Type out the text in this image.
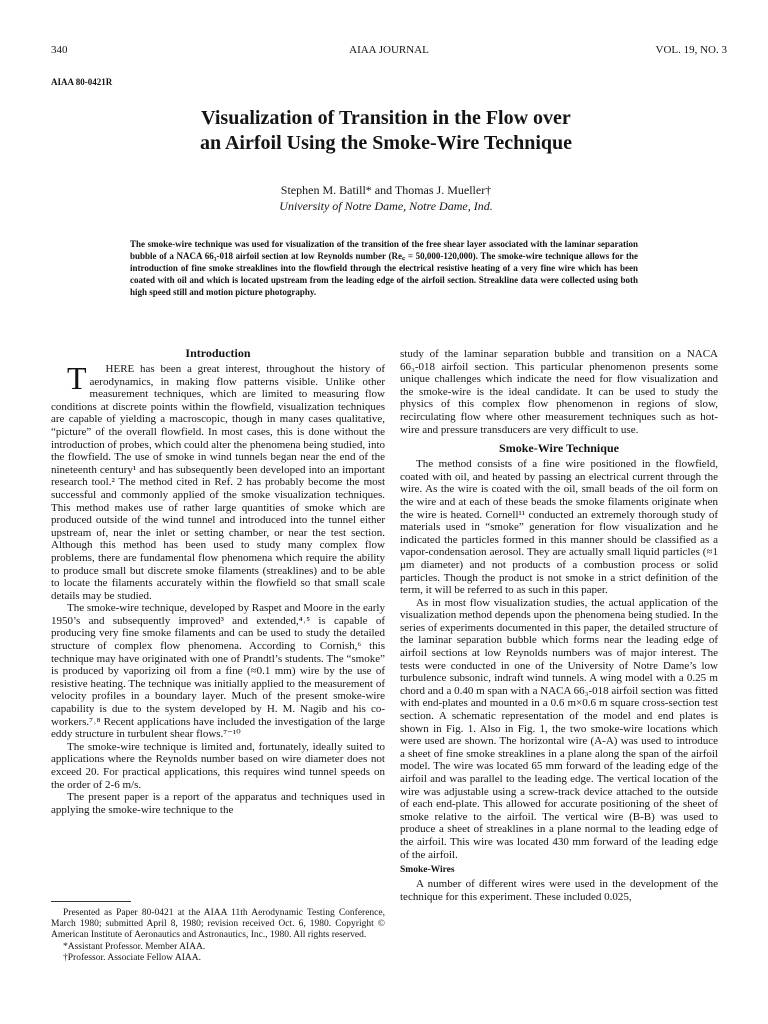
340	AIAA JOURNAL	VOL. 19, NO. 3
AIAA 80-0421R
Visualization of Transition in the Flow over
an Airfoil Using the Smoke-Wire Technique
Stephen M. Batill* and Thomas J. Mueller†
University of Notre Dame, Notre Dame, Ind.
The smoke-wire technique was used for visualization of the transition of the free shear layer associated with the laminar separation bubble of a NACA 66₃-018 airfoil section at low Reynolds number (Re꜀ = 50,000-120,000). The smoke-wire technique allows for the introduction of fine smoke streaklines into the flowfield through the electrical resistive heating of a very fine wire which has been coated with oil and which is located upstream from the leading edge of the airfoil section. Streakline data were collected using both high speed still and motion picture photography.
Introduction

T HERE has been a great interest, throughout the history of aerodynamics, in making flow patterns visible. Unlike other measurement techniques, which are limited to measuring flow conditions at discrete points within the flowfield, visualization techniques are capable of yielding a macroscopic, though in many cases qualitative, “picture” of the overall flowfield. In most cases, this is done without the introduction of probes, which could alter the phenomena being studied, into the flowfield. The use of smoke in wind tunnels began near the end of the nineteenth century¹ and has subsequently been developed into an important research tool.² The method cited in Ref. 2 has probably become the most successful and commonly applied of the smoke visualization techniques. This method makes use of rather large quantities of smoke which are produced outside of the wind tunnel and introduced into the tunnel either upstream of, near the inlet or setting chamber, or near the test section. Although this method has been used to study many complex flow problems, there are fundamental flow phenomena which require the ability to produce small but discrete smoke filaments (streaklines) and to be able to locate the filaments accurately within the flowfield so that small scale details may be studied.

The smoke-wire technique, developed by Raspet and Moore in the early 1950’s and subsequently improved³ and extended,⁴˒⁵ is capable of producing very fine smoke filaments and can be used to study the detailed structure of complex flow phenomena. According to Cornish,⁶ this technique may have originated with one of Prandtl’s students. The “smoke” is produced by vaporizing oil from a fine (≈0.1 mm) wire by the use of resistive heating. The technique was initially applied to the measurement of velocity profiles in a boundary layer. Much of the present smoke-wire capability is due to the system developed by H. M. Nagib and his co-workers.⁷˒⁸ Recent applications have included the investigation of the large eddy structure in turbulent shear flows.⁷⁻¹⁰

The smoke-wire technique is limited and, fortunately, ideally suited to applications where the Reynolds number based on wire diameter does not exceed 20. For practical applications, this requires wind tunnel speeds on the order of 2-6 m/s.

The present paper is a report of the apparatus and techniques used in applying the smoke-wire technique to the

Presented as Paper 80-0421 at the AIAA 11th Aerodynamic Testing Conference, March 1980; submitted April 8, 1980; revision received Oct. 6, 1980. Copyright © American Institute of Aeronautics and Astronautics, Inc., 1980. All rights reserved.

*Assistant Professor. Member AIAA.

†Professor. Associate Fellow AIAA.

study of the laminar separation bubble and transition on a NACA 66₃-018 airfoil section. This particular phenomenon presents some unique challenges which indicate the need for flow visualization and the smoke-wire is the ideal candidate. It can be used to study the physics of this complex flow phenomenon in regions of slow, recirculating flow where other measurement techniques such as hot-wire and pressure transducers are very difficult to use.

Smoke-Wire Technique

The method consists of a fine wire positioned in the flowfield, coated with oil, and heated by passing an electrical current through the wire. As the wire is coated with the oil, small beads of the oil form on the wire and at each of these beads the smoke filaments originate when the wire is heated. Cornell¹¹ conducted an extremely thorough study of materials used in “smoke” generation for flow visualization and he indicated the particles formed in this manner should be classified as a vapor-condensation aerosol. They are actually small liquid particles (≈1 μm diameter) and not products of a combustion process or solid particles. Though the product is not smoke in a strict definition of the term, it will be referred to as such in this paper.

As in most flow visualization studies, the actual application of the visualization method depends upon the phenomena being studied. In the series of experiments documented in this paper, the detailed structure of the laminar separation bubble which forms near the leading edge of airfoil sections at low Reynolds numbers was of major interest. The tests were conducted in one of the University of Notre Dame’s low turbulence subsonic, indraft wind tunnels. A wing model with a 0.25 m chord and a 0.40 m span with a NACA 66₃-018 airfoil section was fitted with end-plates and mounted in a 0.6 m×0.6 m square cross-section test section. A schematic representation of the model and end plates is shown in Fig. 1. Also in Fig. 1, the two smoke-wire locations which were used are shown. The horizontal wire (A-A) was used to introduce a sheet of fine smoke streaklines in a plane along the span of the airfoil model. The wire was located 65 mm forward of the leading edge of the airfoil and was parallel to the leading edge. The vertical location of the wire was adjustable using a screw-track device attached to the outside of each end-plate. This allowed for accurate positioning of the sheet of smoke relative to the airfoil. The vertical wire (B-B) was used to produce a sheet of streaklines in a plane normal to the leading edge of the airfoil. This wire was located 430 mm forward of the leading edge of the airfoil.

Smoke-Wires

A number of different wires were used in the development of the technique for this experiment. These included 0.025,
